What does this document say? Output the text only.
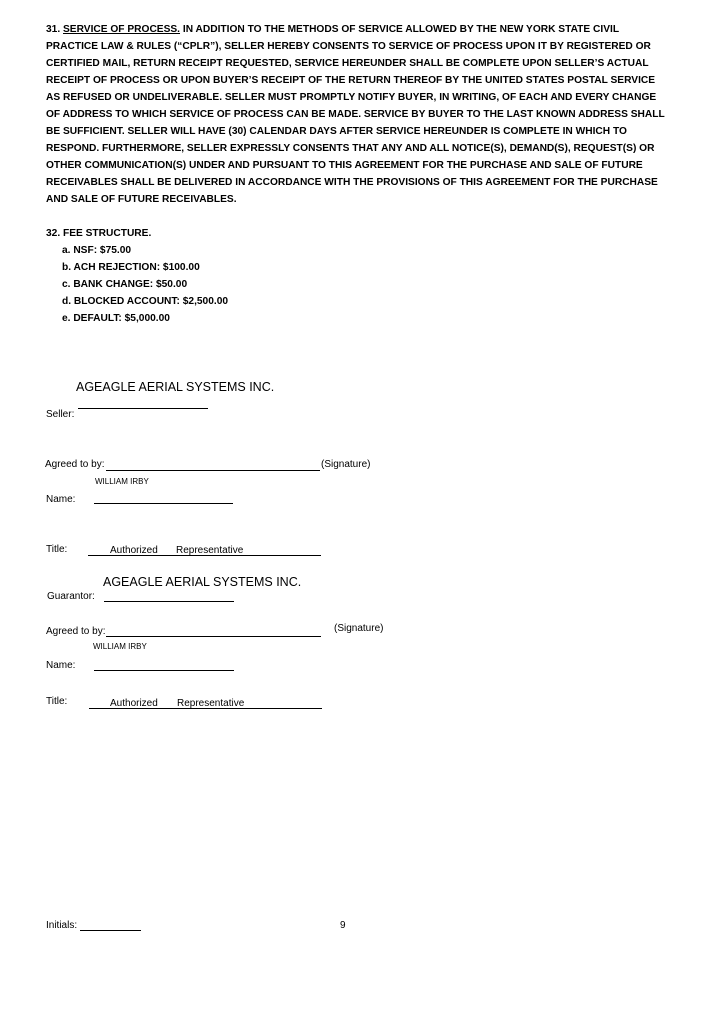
31. SERVICE OF PROCESS. IN ADDITION TO THE METHODS OF SERVICE ALLOWED BY THE NEW YORK STATE CIVIL PRACTICE LAW & RULES (“CPLR”), SELLER HEREBY CONSENTS TO SERVICE OF PROCESS UPON IT BY REGISTERED OR CERTIFIED MAIL, RETURN RECEIPT REQUESTED, SERVICE HEREUNDER SHALL BE COMPLETE UPON SELLER’S ACTUAL RECEIPT OF PROCESS OR UPON BUYER’S RECEIPT OF THE RETURN THEREOF BY THE UNITED STATES POSTAL SERVICE AS REFUSED OR UNDELIVERABLE. SELLER MUST PROMPTLY NOTIFY BUYER, IN WRITING, OF EACH AND EVERY CHANGE OF ADDRESS TO WHICH SERVICE OF PROCESS CAN BE MADE. SERVICE BY BUYER TO THE LAST KNOWN ADDRESS SHALL BE SUFFICIENT. SELLER WILL HAVE (30) CALENDAR DAYS AFTER SERVICE HEREUNDER IS COMPLETE IN WHICH TO RESPOND. FURTHERMORE, SELLER EXPRESSLY CONSENTS THAT ANY AND ALL NOTICE(S), DEMAND(S), REQUEST(S) OR OTHER COMMUNICATION(S) UNDER AND PURSUANT TO THIS AGREEMENT FOR THE PURCHASE AND SALE OF FUTURE RECEIVABLES SHALL BE DELIVERED IN ACCORDANCE WITH THE PROVISIONS OF THIS AGREEMENT FOR THE PURCHASE AND SALE OF FUTURE RECEIVABLES.

32. FEE STRUCTURE.

a. NSF: $75.00
b. ACH REJECTION: $100.00
c. BANK CHANGE: $50.00
d. BLOCKED ACCOUNT: $2,500.00
e. DEFAULT: $5,000.00
AGEAGLE AERIAL SYSTEMS INC.
Seller:
Agreed to by:	(Signature)
WILLIAM IRBY
Name:
Title:	Authorized Representative
AGEAGLE AERIAL SYSTEMS INC.
Guarantor:
Agreed to by:	(Signature)
WILLIAM IRBY
Name:
Title:	Authorized Representative
Initials:	9
